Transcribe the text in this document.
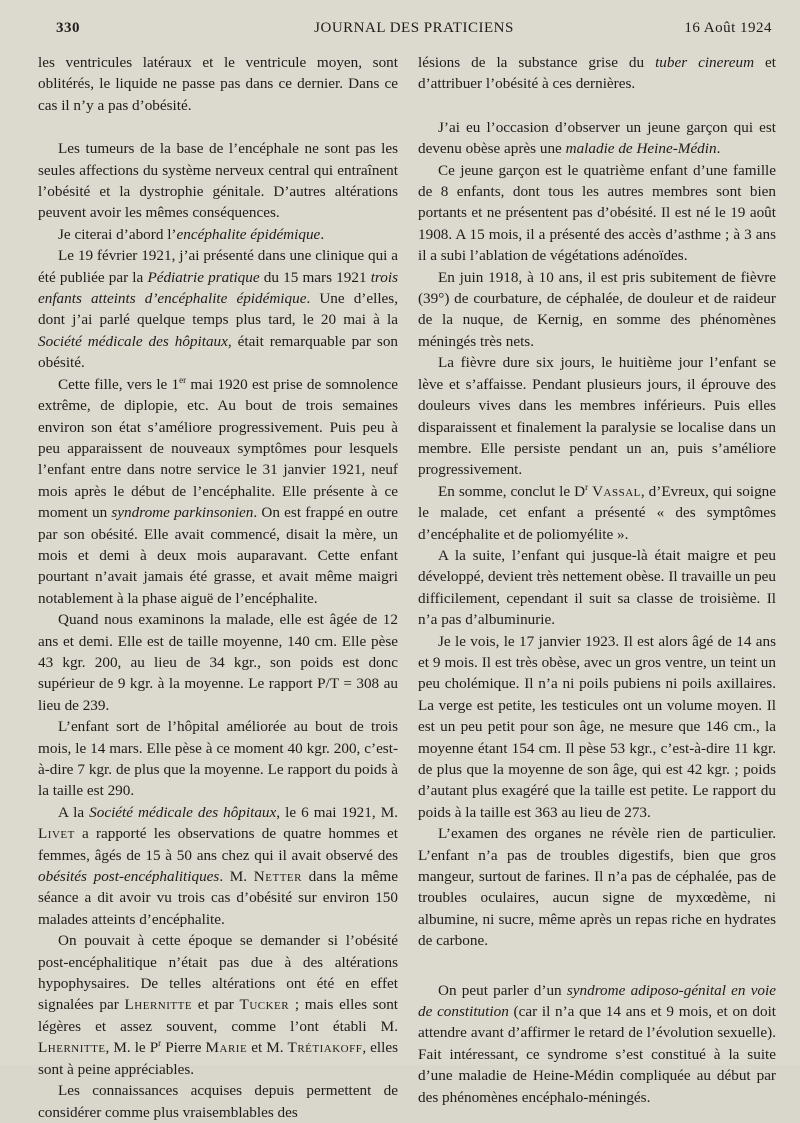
330	JOURNAL DES PRATICIENS	16 Août 1924

les ventricules latéraux et le ventricule moyen, sont oblitérés, le liquide ne passe pas dans ce dernier. Dans ce cas il n’y a pas d’obésité.

Les tumeurs de la base de l’encéphale ne sont pas les seules affections du système nerveux central qui entraînent l’obésité et la dystrophie génitale. D’autres altérations peuvent avoir les mêmes conséquences.

Je citerai d’abord l’encéphalite épidémique.

Le 19 février 1921, j’ai présenté dans une clinique qui a été publiée par la Pédiatrie pratique du 15 mars 1921 trois enfants atteints d’encéphalite épidémique. Une d’elles, dont j’ai parlé quelque temps plus tard, le 20 mai à la Société médicale des hôpitaux, était remarquable par son obésité.

Cette fille, vers le 1er mai 1920 est prise de somnolence extrême, de diplopie, etc. Au bout de trois semaines environ son état s’améliore progressivement. Puis peu à peu apparaissent de nouveaux symptômes pour lesquels l’enfant entre dans notre service le 31 janvier 1921, neuf mois après le début de l’encéphalite. Elle présente à ce moment un syndrome parkinsonien. On est frappé en outre par son obésité. Elle avait commencé, disait la mère, un mois et demi à deux mois auparavant. Cette enfant pourtant n’avait jamais été grasse, et avait même maigri notablement à la phase aiguë de l’encéphalite.

Quand nous examinons la malade, elle est âgée de 12 ans et demi. Elle est de taille moyenne, 140 cm. Elle pèse 43 kgr. 200, au lieu de 34 kgr., son poids est donc supérieur de 9 kgr. à la moyenne. Le rapport P/T = 308 au lieu de 239.

L’enfant sort de l’hôpital améliorée au bout de trois mois, le 14 mars. Elle pèse à ce moment 40 kgr. 200, c’est-à-dire 7 kgr. de plus que la moyenne. Le rapport du poids à la taille est 290.

A la Société médicale des hôpitaux, le 6 mai 1921, M. Livet a rapporté les observations de quatre hommes et femmes, âgés de 15 à 50 ans chez qui il avait observé des obésités post-encéphalitiques. M. Netter dans la même séance a dit avoir vu trois cas d’obésité sur environ 150 malades atteints d’encéphalite.

On pouvait à cette époque se demander si l’obésité post-encéphalitique n’était pas due à des altérations hypophysaires. De telles altérations ont été en effet signalées par Lhernitte et par Tucker ; mais elles sont légères et assez souvent, comme l’ont établi M. Lhernitte, M. le $P^r$ Pierre Marie et M. Trétiakoff, elles sont à peine appréciables.

Les connaissances acquises depuis permettent de considérer comme plus vraisemblables des

lésions de la substance grise du tuber cinereum et d’attribuer l’obésité à ces dernières.

J’ai eu l’occasion d’observer un jeune garçon qui est devenu obèse après une maladie de Heine-Médin.

Ce jeune garçon est le quatrième enfant d’une famille de 8 enfants, dont tous les autres membres sont bien portants et ne présentent pas d’obésité. Il est né le 19 août 1908. A 15 mois, il a présenté des accès d’asthme ; à 3 ans il a subi l’ablation de végétations adénoïdes.

En juin 1918, à 10 ans, il est pris subitement de fièvre (39°) de courbature, de céphalée, de douleur et de raideur de la nuque, de Kernig, en somme des phénomènes méningés très nets.

La fièvre dure six jours, le huitième jour l’enfant se lève et s’affaisse. Pendant plusieurs jours, il éprouve des douleurs vives dans les membres inférieurs. Puis elles disparaissent et finalement la paralysie se localise dans un membre. Elle persiste pendant un an, puis s’améliore progressivement.

En somme, conclut le $D^r$ Vassal, d’Evreux, qui soigne le malade, cet enfant a présenté « des symptômes d’encéphalite et de poliomyélite ».

A la suite, l’enfant qui jusque-là était maigre et peu développé, devient très nettement obèse. Il travaille un peu difficilement, cependant il suit sa classe de troisième. Il n’a pas d’albuminurie.

Je le vois, le 17 janvier 1923. Il est alors âgé de 14 ans et 9 mois. Il est très obèse, avec un gros ventre, un teint un peu cholémique. Il n’a ni poils pubiens ni poils axillaires. La verge est petite, les testicules ont un volume moyen. Il est un peu petit pour son âge, ne mesure que 146 cm., la moyenne étant 154 cm. Il pèse 53 kgr., c’est-à-dire 11 kgr. de plus que la moyenne de son âge, qui est 42 kgr. ; poids d’autant plus exagéré que la taille est petite. Le rapport du poids à la taille est 363 au lieu de 273.

L’examen des organes ne révèle rien de particulier. L’enfant n’a pas de troubles digestifs, bien que gros mangeur, surtout de farines. Il n’a pas de céphalée, pas de troubles oculaires, aucun signe de myxœdème, ni albumine, ni sucre, même après un repas riche en hydrates de carbone.

On peut parler d’un syndrome adiposo-génital en voie de constitution (car il n’a que 14 ans et 9 mois, et on doit attendre avant d’affirmer le retard de l’évolution sexuelle). Fait intéressant, ce syndrome s’est constitué à la suite d’une maladie de Heine-Médin compliquée au début par des phénomènes encéphalo-méningés.
